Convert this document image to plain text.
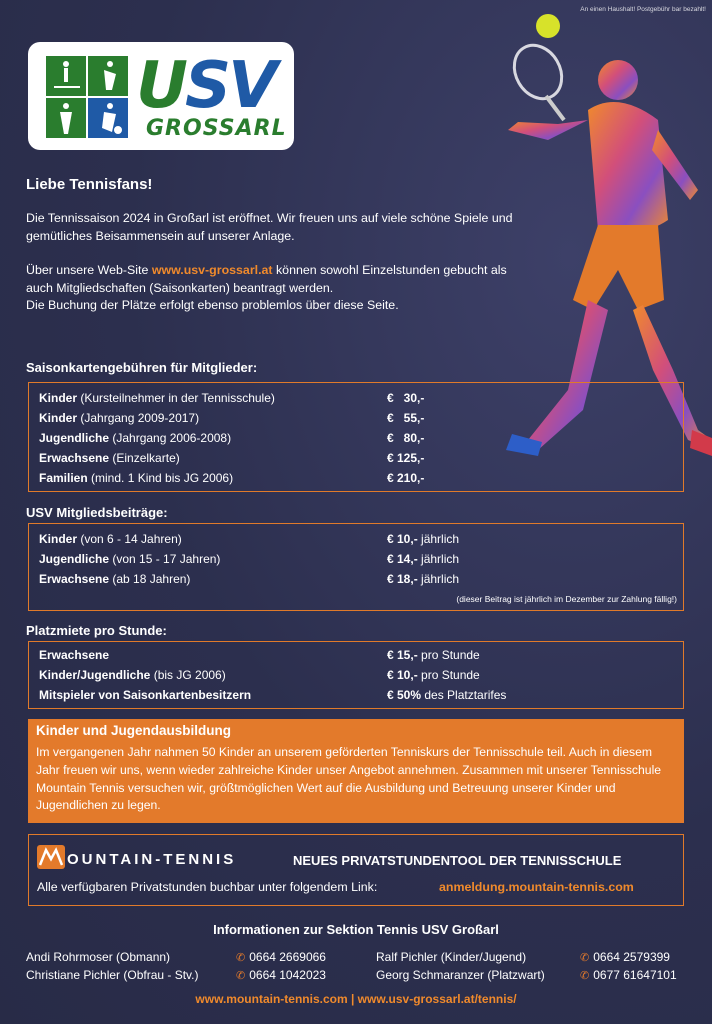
An einen Haushalt! Postgebühr bar bezahlt!
USV
GROSSARL
Liebe Tennisfans!

Die Tennissaison 2024 in Großarl ist eröffnet. Wir freuen uns auf viele schöne Spiele und gemütliches Beisammensein auf unserer Anlage.

Über unsere Web-Site www.usv-grossarl.at können sowohl Einzelstunden gebucht als auch Mitgliedschaften (Saisonkarten) beantragt werden.

Die Buchung der Plätze erfolgt ebenso problemlos über diese Seite.

Saisonkartengebühren für Mitglieder:
Kinder (Kursteilnehmer in der Tennisschule)	€   30,-
Kinder (Jahrgang 2009-2017)	€   55,-
Jugendliche (Jahrgang 2006-2008)	€   80,-
Erwachsene (Einzelkarte)	€ 125,-
Familien (mind. 1 Kind bis JG 2006)	€ 210,-
USV Mitgliedsbeiträge:
Kinder (von 6 - 14 Jahren)	€ 10,- jährlich
Jugendliche (von 15 - 17 Jahren)	€ 14,- jährlich
Erwachsene (ab 18 Jahren)	€ 18,- jährlich
(dieser Beitrag ist jährlich im Dezember zur Zahlung fällig!)
Platzmiete pro Stunde:
Erwachsene	€ 15,- pro Stunde
Kinder/Jugendliche (bis JG 2006)	€ 10,- pro Stunde
Mitspieler von Saisonkartenbesitzern	€ 50% des Platztarifes
Kinder und Jugendausbildung
Im vergangenen Jahr nahmen 50 Kinder an unserem geförderten Tenniskurs der Tennisschule teil. Auch in diesem Jahr freuen wir uns, wenn wieder zahlreiche Kinder unser Angebot annehmen. Zusammen mit unserer Tennisschule Mountain Tennis versuchen wir, größtmöglichen Wert auf die Ausbildung und Betreuung unserer Kinder und Jugendlichen zu legen.
OUNTAIN-TENNIS	NEUES PRIVATSTUNDENTOOL DER TENNISSCHULE
Alle verfügbaren Privatstunden buchbar unter folgendem Link:	anmeldung.mountain-tennis.com
Informationen zur Sektion Tennis USV Großarl
Andi Rohrmoser (Obmann)	✆ 0664 2669066
Christiane Pichler (Obfrau - Stv.)	✆ 0664 1042023
Ralf Pichler (Kinder/Jugend)	✆ 0664 2579399
Georg Schmaranzer (Platzwart)	✆ 0677 61647101
www.mountain-tennis.com | www.usv-grossarl.at/tennis/
